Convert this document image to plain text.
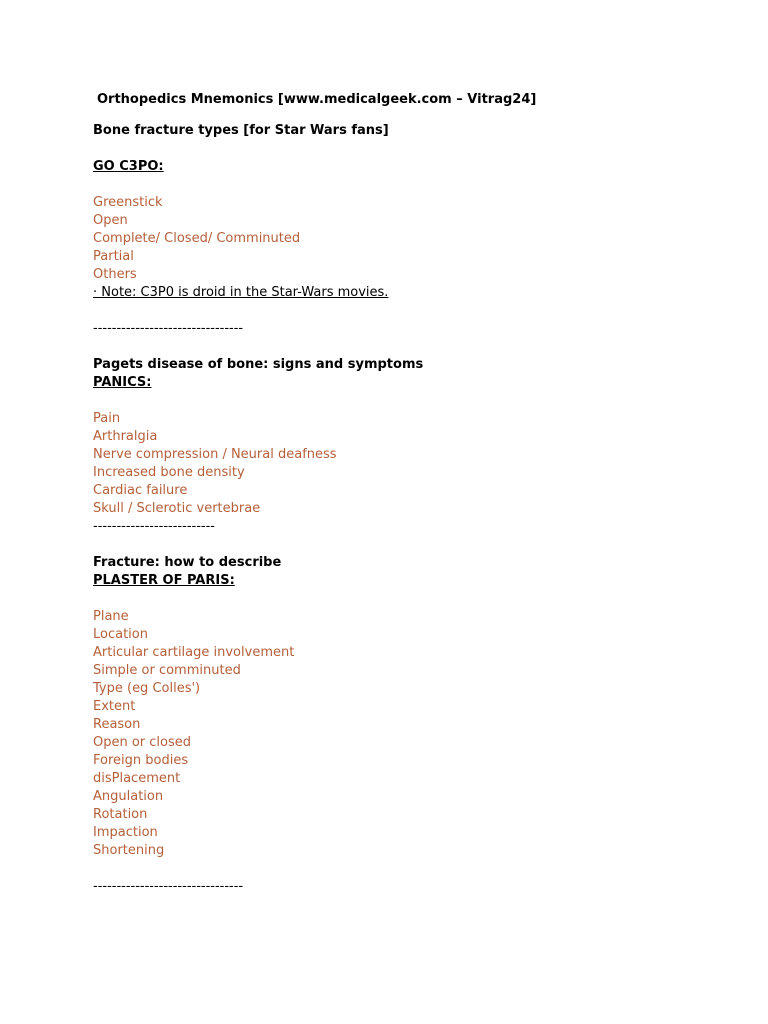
Orthopedics Mnemonics [www.medicalgeek.com – Vitrag24]
Bone fracture types [for Star Wars fans]
GO C3PO:
Greenstick
Open
Complete/ Closed/ Comminuted
Partial
Others
· Note: C3P0 is droid in the Star-Wars movies.
--------------------------------
Pagets disease of bone: signs and symptoms
PANICS:
Pain
Arthralgia
Nerve compression / Neural deafness
Increased bone density
Cardiac failure
Skull / Sclerotic vertebrae
--------------------------
Fracture: how to describe
PLASTER OF PARIS:
Plane
Location
Articular cartilage involvement
Simple or comminuted
Type (eg Colles')
Extent
Reason
Open or closed
Foreign bodies
disPlacement
Angulation
Rotation
Impaction
Shortening
--------------------------------
